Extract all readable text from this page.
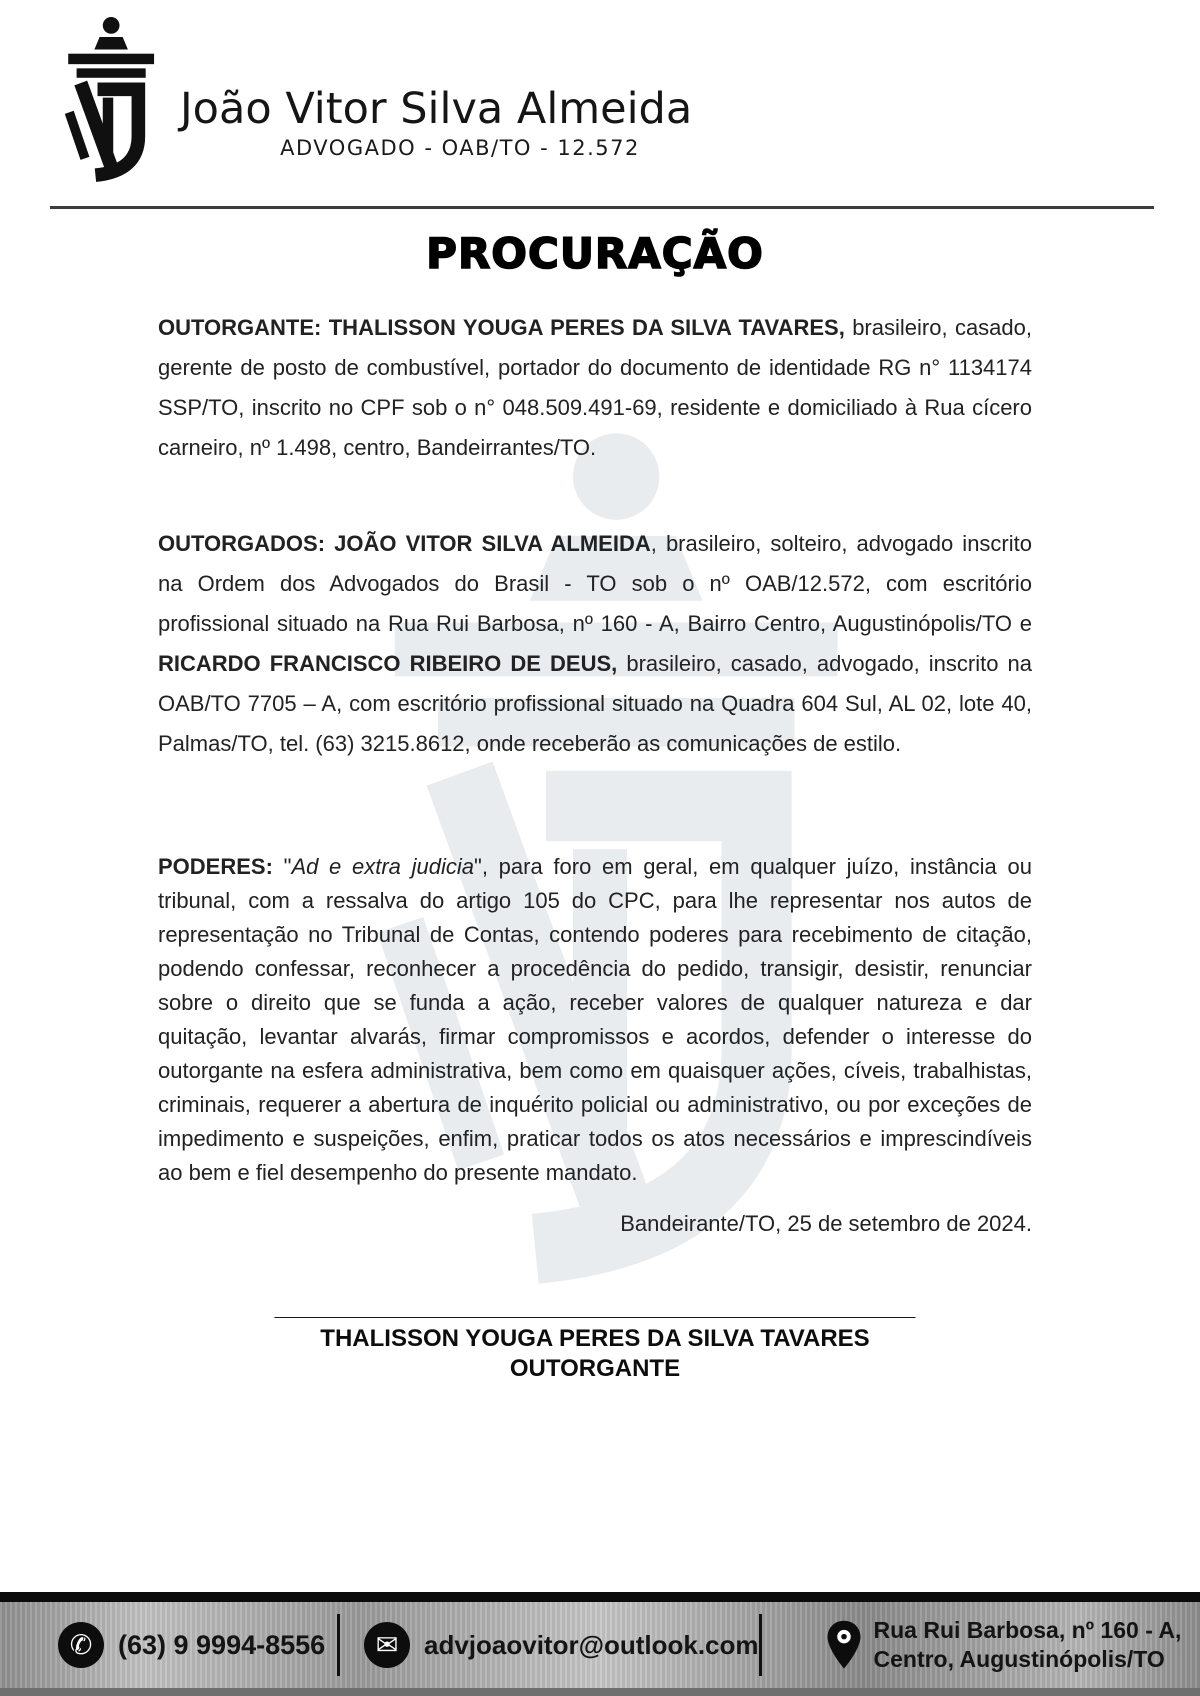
João Vitor Silva Almeida
ADVOGADO - OAB/TO - 12.572
PROCURAÇÃO

OUTORGANTE: THALISSON YOUGA PERES DA SILVA TAVARES, brasileiro, casado, gerente de posto de combustível, portador do documento de identidade RG n° 1134174 SSP/TO, inscrito no CPF sob o n° 048.509.491-69, residente e domiciliado à Rua cícero carneiro, nº 1.498, centro, Bandeirrantes/TO.

OUTORGADOS: JOÃO VITOR SILVA ALMEIDA, brasileiro, solteiro, advogado inscrito na Ordem dos Advogados do Brasil - TO sob o nº OAB/12.572, com escritório profissional situado na Rua Rui Barbosa, nº 160 - A, Bairro Centro, Augustinópolis/TO e RICARDO FRANCISCO RIBEIRO DE DEUS, brasileiro, casado, advogado, inscrito na OAB/TO 7705 – A, com escritório profissional situado na Quadra 604 Sul, AL 02, lote 40, Palmas/TO, tel. (63) 3215.8612, onde receberão as comunicações de estilo.

PODERES: "Ad e extra judicia", para foro em geral, em qualquer juízo, instância ou tribunal, com a ressalva do artigo 105 do CPC, para lhe representar nos autos de representação no Tribunal de Contas, contendo poderes para recebimento de citação, podendo confessar, reconhecer a procedência do pedido, transigir, desistir, renunciar sobre o direito que se funda a ação, receber valores de qualquer natureza e dar quitação, levantar alvarás, firmar compromissos e acordos, defender o interesse do outorgante na esfera administrativa, bem como em quaisquer ações, cíveis, trabalhistas, criminais, requerer a abertura de inquérito policial ou administrativo, ou por exceções de impedimento e suspeições, enfim, praticar todos os atos necessários e imprescindíveis ao bem e fiel desempenho do presente mandato.

Bandeirante/TO, 25 de setembro de 2024.
________________________________________________
THALISSON YOUGA PERES DA SILVA TAVARES
OUTORGANTE
✆ (63) 9 9994-8556 ✉ advjoaovitor@outlook.com	Rua Rui Barbosa, nº 160 - A,
Centro, Augustinópolis/TO
